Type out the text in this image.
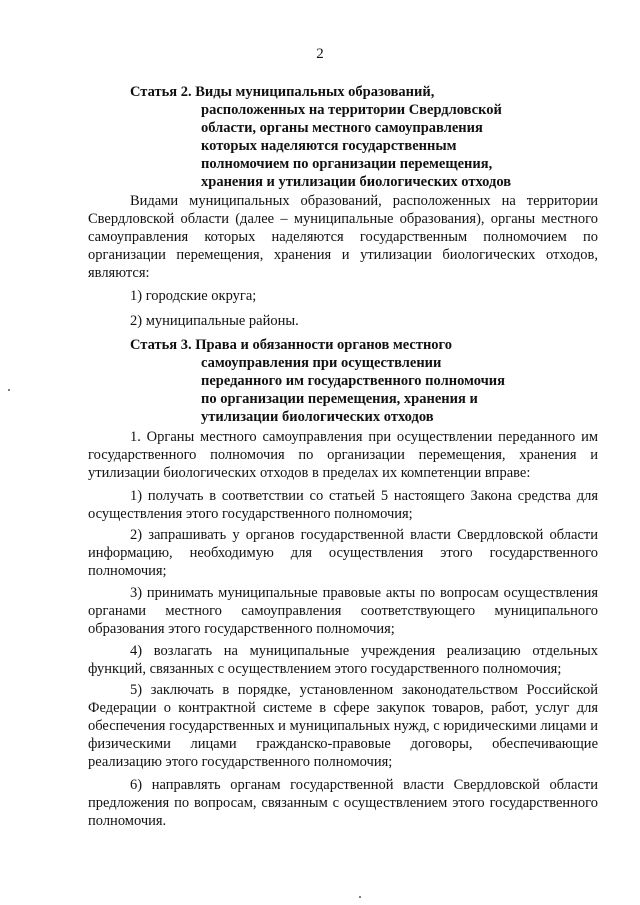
2
Статья 2. Виды муниципальных образований,
расположенных на территории Свердловской
области, органы местного самоуправления
которых наделяются государственным
полномочием по организации перемещения,
хранения и утилизации биологических отходов
Видами муниципальных образований, расположенных на территории Свердловской области (далее – муниципальные образования), органы местного самоуправления которых наделяются государственным полномочием по организации перемещения, хранения и утилизации биологических отходов, являются:
1) городские округа;
2) муниципальные районы.
Статья 3. Права и обязанности органов местного
самоуправления при осуществлении
переданного им государственного полномочия
по организации перемещения, хранения и
утилизации биологических отходов
1. Органы местного самоуправления при осуществлении переданного им государственного полномочия по организации перемещения, хранения и утилизации биологических отходов в пределах их компетенции вправе:
1) получать в соответствии со статьей 5 настоящего Закона средства для осуществления этого государственного полномочия;
2) запрашивать у органов государственной власти Свердловской области информацию, необходимую для осуществления этого государственного полномочия;
3) принимать муниципальные правовые акты по вопросам осуществления органами местного самоуправления соответствующего муниципального образования этого государственного полномочия;
4) возлагать на муниципальные учреждения реализацию отдельных функций, связанных с осуществлением этого государственного полномочия;
5) заключать в порядке, установленном законодательством Российской Федерации о контрактной системе в сфере закупок товаров, работ, услуг для обеспечения государственных и муниципальных нужд, с юридическими лицами и физическими лицами гражданско-правовые договоры, обеспечивающие реализацию этого государственного полномочия;
6) направлять органам государственной власти Свердловской области предложения по вопросам, связанным с осуществлением этого государственного полномочия.
